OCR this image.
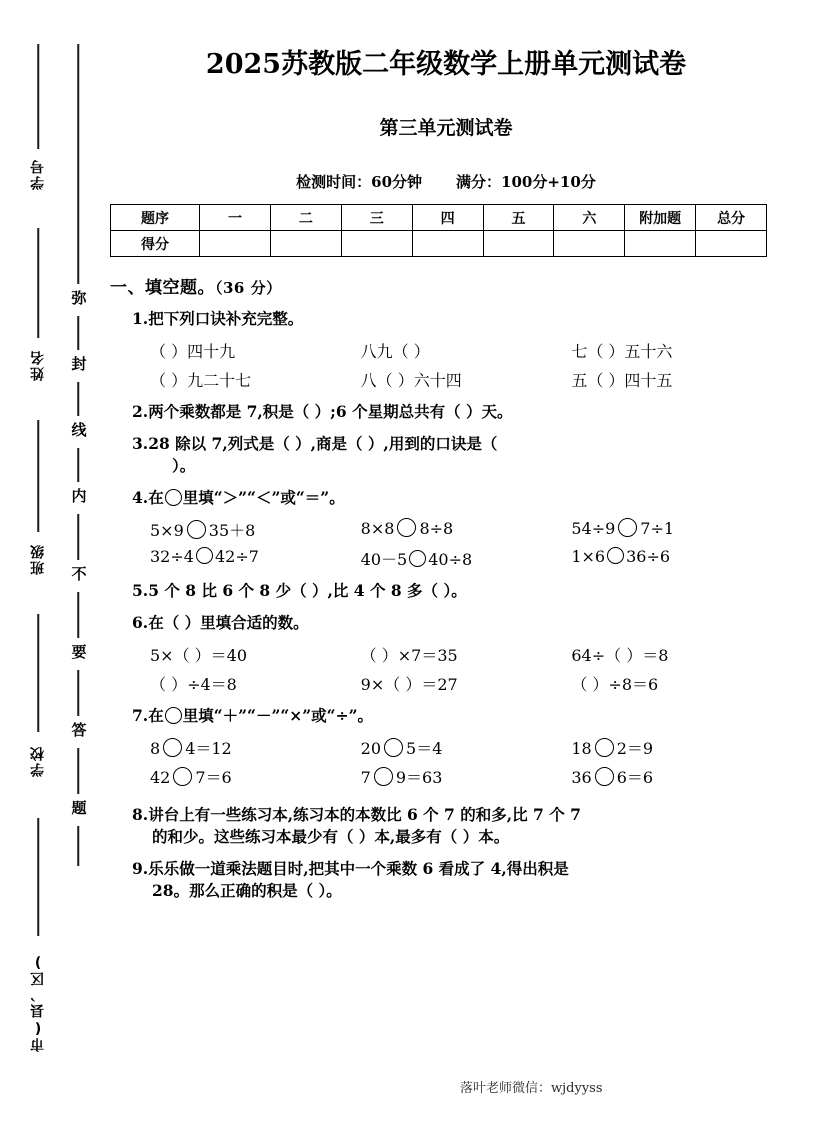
学号
姓名
班级
学校
市(县、区)
弥
封
线
内
不
要
答
题
2025苏教版二年级数学上册单元测试卷
第三单元测试卷
检测时间：60分钟 满分：100分+10分
题序	一	二	三	四	五	六	附加题	总分
得分								
一、填空题。（36 分）
1.把下列口诀补充完整。
（ ）四十九	八九（ ）	七（ ）五十六
（ ）九二十七	八（ ）六十四	五（ ）四十五
2.两个乘数都是 7,积是（ ）;6 个星期总共有（ ）天。
3.28 除以 7,列式是（ ）,商是（ ）,用到的口诀是（
）。
4.在 里填“＞”“＜”或“＝”。
5×9 35＋8	8×8 8÷8	54÷9 7÷1
32÷4 42÷7	40－5 40÷8	1×6 36÷6
5.5 个 8 比 6 个 8 少（ ）,比 4 个 8 多（ ）。
6.在（ ）里填合适的数。
5×（ ）＝40	（ ）×7＝35	64÷（ ）＝8
（ ）÷4＝8	9×（ ）＝27	（ ）÷8＝6
7.在 里填“＋”“－”“×”或“÷”。
8 4＝12	20 5＝4	18 2＝9
42 7＝6	7 9＝63	36 6＝6
8.讲台上有一些练习本,练习本的本数比 6 个 7 的和多,比 7 个 7
的和少。这些练习本最少有（ ）本,最多有（ ）本。
9.乐乐做一道乘法题目时,把其中一个乘数 6 看成了 4,得出积是
28。那么正确的积是（ ）。
落叶老师微信：wjdyyss
